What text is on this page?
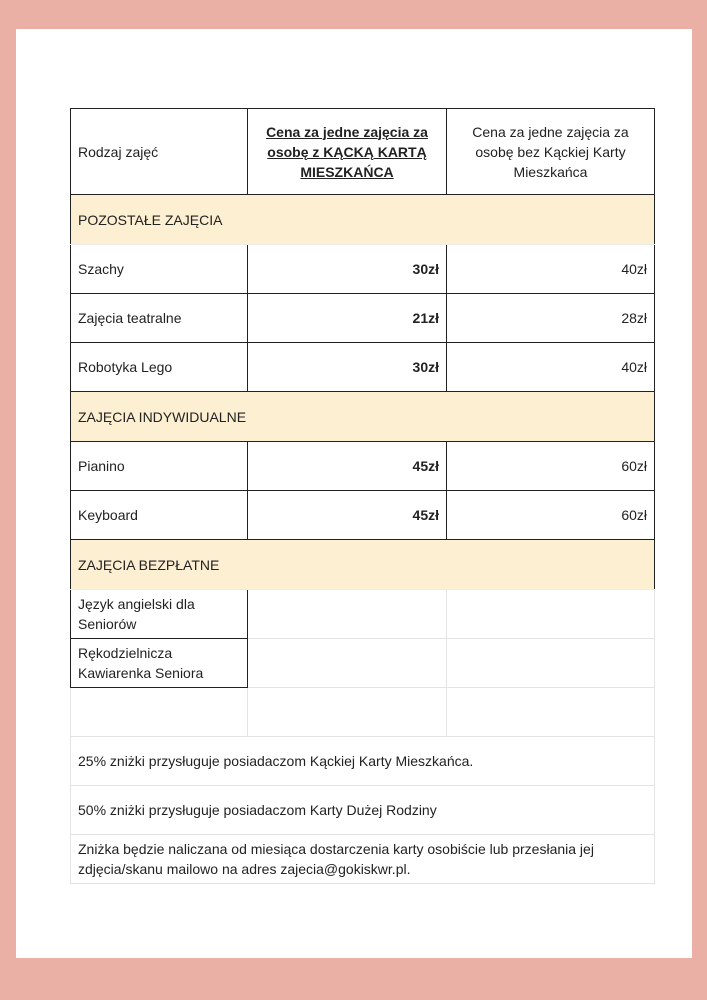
Rodzaj zajęć	Cena za jedne zajęcia za osobę z KĄCKĄ KARTĄ MIESZKAŃCA	Cena za jedne zajęcia za osobę bez Kąckiej Karty Mieszkańca
POZOSTAŁE ZAJĘCIA		
Szachy	30zł	40zł
Zajęcia teatralne	21zł	28zł
Robotyka Lego	30zł	40zł
ZAJĘCIA INDYWIDUALNE		
Pianino	45zł	60zł
Keyboard	45zł	60zł
ZAJĘCIA BEZPŁATNE		
Język angielski dla Seniorów		
Rękodzielnicza Kawiarenka Seniora		

25% zniżki przysługuje posiadaczom Kąckiej Karty Mieszkańca.		
50% zniżki przysługuje posiadaczom Karty Dużej Rodziny		
Zniżka będzie naliczana od miesiąca dostarczenia karty osobiście lub przesłania jej zdjęcia/skanu mailowo na adres zajecia@gokiskwr.pl.		
